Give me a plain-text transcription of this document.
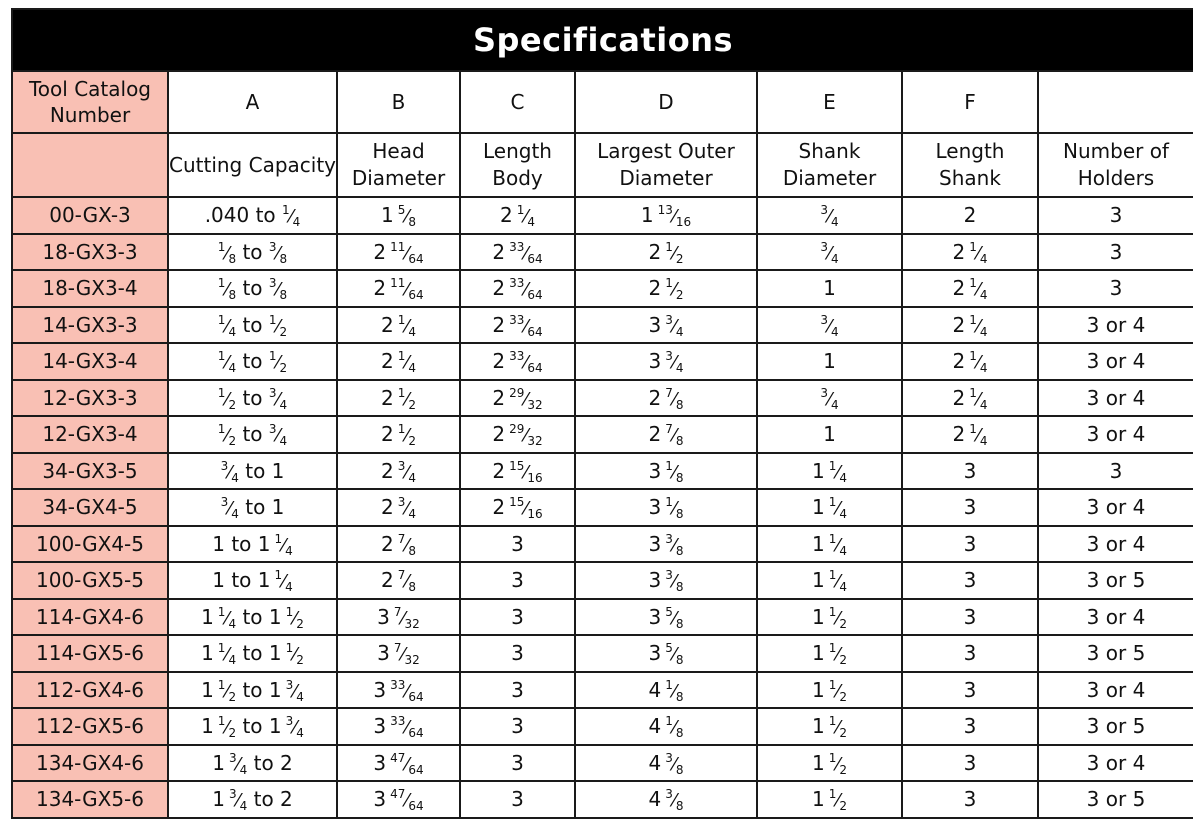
Specifications							
Tool Catalog Number	A	B	C	D	E	F	
	Cutting Capacity	Head Diameter	Length Body	Largest Outer Diameter	Shank Diameter	Length Shank	Number of Holders
00-GX-3	.040 to $^1⁄_4$	1  $^5⁄_8$	2  $^1⁄_4$	1  $^{13}⁄_{16}$	$^3⁄_4$	2	3
18-GX3-3	$^1⁄_8$ to $^3⁄_8$	2  $^{11}⁄_{64}$	2  $^{33}⁄_{64}$	2  $^1⁄_2$	$^3⁄_4$	2  $^1⁄_4$	3
18-GX3-4	$^1⁄_8$ to $^3⁄_8$	2  $^{11}⁄_{64}$	2  $^{33}⁄_{64}$	2  $^1⁄_2$	1	2  $^1⁄_4$	3
14-GX3-3	$^1⁄_4$ to $^1⁄_2$	2  $^1⁄_4$	2  $^{33}⁄_{64}$	3  $^3⁄_4$	$^3⁄_4$	2  $^1⁄_4$	3 or 4
14-GX3-4	$^1⁄_4$ to $^1⁄_2$	2  $^1⁄_4$	2  $^{33}⁄_{64}$	3  $^3⁄_4$	1	2  $^1⁄_4$	3 or 4
12-GX3-3	$^1⁄_2$ to $^3⁄_4$	2  $^1⁄_2$	2  $^{29}⁄_{32}$	2  $^7⁄_8$	$^3⁄_4$	2  $^1⁄_4$	3 or 4
12-GX3-4	$^1⁄_2$ to $^3⁄_4$	2  $^1⁄_2$	2  $^{29}⁄_{32}$	2  $^7⁄_8$	1	2  $^1⁄_4$	3 or 4
34-GX3-5	$^3⁄_4$ to 1	2  $^3⁄_4$	2  $^{15}⁄_{16}$	3  $^1⁄_8$	1  $^1⁄_4$	3	3
34-GX4-5	$^3⁄_4$ to 1	2  $^3⁄_4$	2  $^{15}⁄_{16}$	3  $^1⁄_8$	1  $^1⁄_4$	3	3 or 4
100-GX4-5	1 to 1  $^1⁄_4$	2  $^7⁄_8$	3	3  $^3⁄_8$	1  $^1⁄_4$	3	3 or 4
100-GX5-5	1 to 1  $^1⁄_4$	2  $^7⁄_8$	3	3  $^3⁄_8$	1  $^1⁄_4$	3	3 or 5
114-GX4-6	1  $^1⁄_4$ to 1  $^1⁄_2$	3  $^7⁄_{32}$	3	3  $^5⁄_8$	1  $^1⁄_2$	3	3 or 4
114-GX5-6	1  $^1⁄_4$ to 1  $^1⁄_2$	3  $^7⁄_{32}$	3	3  $^5⁄_8$	1  $^1⁄_2$	3	3 or 5
112-GX4-6	1  $^1⁄_2$ to 1  $^3⁄_4$	3  $^{33}⁄_{64}$	3	4  $^1⁄_8$	1  $^1⁄_2$	3	3 or 4
112-GX5-6	1  $^1⁄_2$ to 1  $^3⁄_4$	3  $^{33}⁄_{64}$	3	4  $^1⁄_8$	1  $^1⁄_2$	3	3 or 5
134-GX4-6	1  $^3⁄_4$ to 2	3  $^{47}⁄_{64}$	3	4  $^3⁄_8$	1  $^1⁄_2$	3	3 or 4
134-GX5-6	1  $^3⁄_4$ to 2	3  $^{47}⁄_{64}$	3	4  $^3⁄_8$	1  $^1⁄_2$	3	3 or 5
